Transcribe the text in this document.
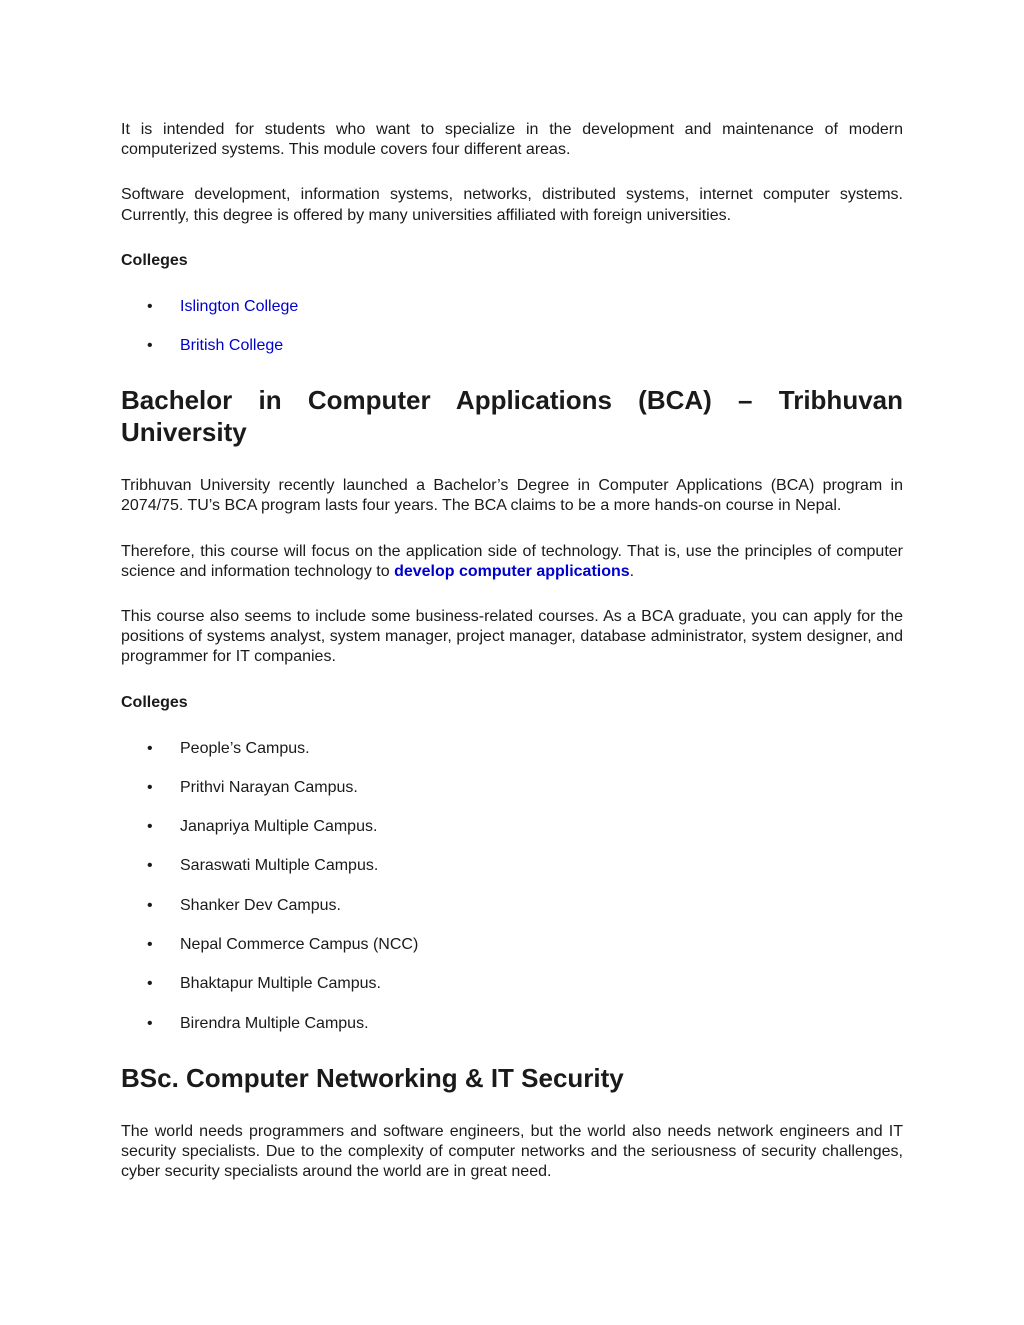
It is intended for students who want to specialize in the development and maintenance of modern computerized systems. This module covers four different areas.

Software development, information systems, networks, distributed systems, internet computer systems. Currently, this degree is offered by many universities affiliated with foreign universities.

Colleges
• Islington College
• British College
Bachelor in Computer Applications (BCA) – Tribhuvan University

Tribhuvan University recently launched a Bachelor’s Degree in Computer Applications (BCA) program in 2074/75. TU’s BCA program lasts four years. The BCA claims to be a more hands-on course in Nepal.

Therefore, this course will focus on the application side of technology. That is, use the principles of computer science and information technology to develop computer applications.

This course also seems to include some business-related courses. As a BCA graduate, you can apply for the positions of systems analyst, system manager, project manager, database administrator, system designer, and programmer for IT companies.

Colleges
• People’s Campus.
• Prithvi Narayan Campus.
• Janapriya Multiple Campus.
• Saraswati Multiple Campus.
• Shanker Dev Campus.
• Nepal Commerce Campus (NCC)
• Bhaktapur Multiple Campus.
• Birendra Multiple Campus.
BSc. Computer Networking & IT Security

The world needs programmers and software engineers, but the world also needs network engineers and IT security specialists. Due to the complexity of computer networks and the seriousness of security challenges, cyber security specialists around the world are in great need.
